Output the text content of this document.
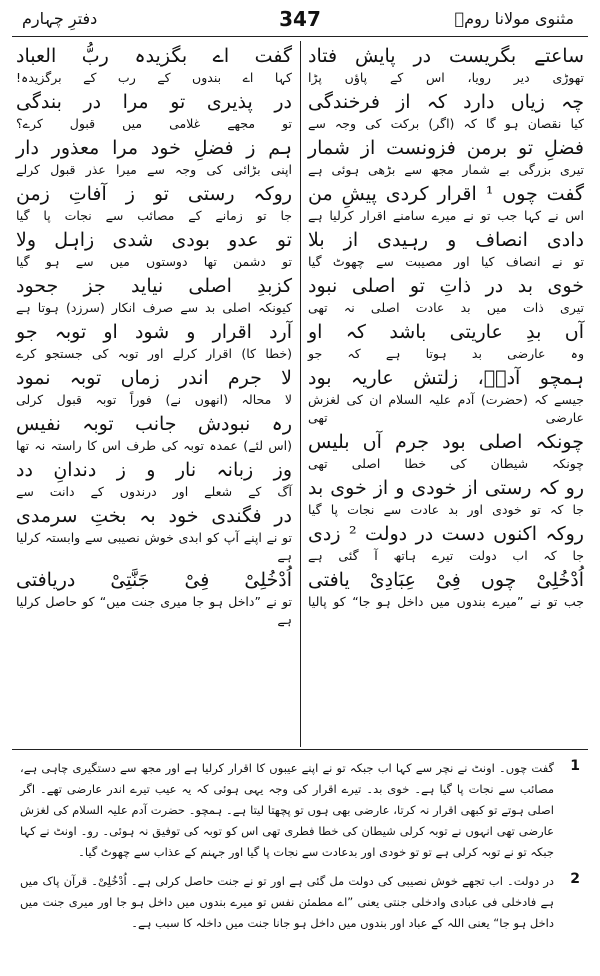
دفترِ چہارم	347	مثنوی مولانا رومؒ
ساعتے بگریست در پایش فتاد
تھوڑی دیر رویا، اس کے پاؤں پڑا
چہ زیاں دارد کہ از فرخندگی
کیا نقصان ہو گا کہ (اگر) برکت کی وجہ سے
فضلِ تو برمن فزونست از شمار
تیری بزرگی بے شمار مجھ سے بڑھی ہوئی ہے
گفت چوں ¹ اقرار کردی پیشِ من
اس نے کہا جب تو نے میرے سامنے اقرار کرلیا ہے
دادی انصاف و رہیدی از بلا
تو نے انصاف کیا اور مصیبت سے چھوٹ گیا
خوی بد در ذاتِ تو اصلی نبود
تیری ذات میں بد عادت اصلی نہ تھی
آں بدِ عاریتی باشد کہ او
وہ عارضی بد ہوتا ہے کہ جو
ہمچو آدمؑ، زلتش عاریہ بود
جیسے کہ (حضرت) آدم علیہ السلام ان کی لغزش عارضی تھی
چونکہ اصلی بود جرم آں بلیس
چونکہ شیطان کی خطا اصلی تھی
رو کہ رستی از خودی و از خوی بد
جا کہ تو خودی اور بد عادت سے نجات پا گیا
روکہ اکنوں دست در دولت ² زدی
جا کہ اب دولت تیرے ہاتھ آ گئی ہے
اُدْخُلِیْ چوں فِیْ عِبَادِیْ یافتی
جب تو نے ”میرے بندوں میں داخل ہو جا“ کو پالیا
گفت اے بگزیدہ ربُّ العباد
کہا اے بندوں کے رب کے برگزیدہ!
در پذیری تو مرا در بندگی
تو مجھے غلامی میں قبول کرے؟
ہم ز فضلِ خود مرا معذور دار
اپنی بڑائی کی وجہ سے میرا عذر قبول کرلے
روکہ رستی تو ز آفاتِ زمن
جا تو زمانے کے مصائب سے نجات پا گیا
تو عدو بودی شدی زاہل ولا
تو دشمن تھا دوستوں میں سے ہو گیا
کزبدِ اصلی نیاید جز جحود
کیونکہ اصلی بد سے صرف انکار (سرزد) ہوتا ہے
آرد اقرار و شود او توبہ جو
(خطا کا) اقرار کرلے اور توبہ کی جستجو کرے
لا جرم اندر زماں توبہ نمود
لا محالہ (انھوں نے) فوراً توبہ قبول کرلی
رہ نبودش جانب توبہ نفیس
(اس لئے) عمدہ توبہ کی طرف اس کا راستہ نہ تھا
وز زبانہ نار و ز دندانِ دد
آگ کے شعلے اور درندوں کے دانت سے
در فگندی خود بہ بختِ سرمدی
تو نے اپنے آپ کو ابدی خوش نصیبی سے وابستہ کرلیا ہے
اُدْخُلِیْ فِیْ جَنَّتِیْ دریافتی
تو نے ”داخل ہو جا میری جنت میں“ کو حاصل کرلیا ہے
1
گفت چوں۔ اونٹ نے نچر سے کہا اب جبکہ تو نے اپنے عیبوں کا اقرار کرلیا ہے اور مجھ سے دستگیری چاہی ہے، مصائب سے نجات پا گیا ہے۔ خوی بد۔ تیرے اقرار کی وجہ یہی ہوئی کہ یہ عیب تیرے اندر عارضی تھے۔ اگر اصلی ہوتے تو کبھی اقرار نہ کرتا، عارضی بھی ہوں تو پچھتا لیتا ہے۔ ہمچو۔ حضرت آدم علیہ السلام کی لغزش عارضی تھی انہوں نے توبہ کرلی شیطان کی خطا فطری تھی اس کو توبہ کی توفیق نہ ہوئی۔ رو۔ اونٹ نے کہا جبکہ تو نے توبہ کرلی ہے تو تو خودی اور بدعادت سے نجات پا گیا اور جہنم کے عذاب سے چھوٹ گیا۔
2
در دولت۔ اب تجھے خوش نصیبی کی دولت مل گئی ہے اور تو نے جنت حاصل کرلی ہے۔ اُدْخُلِیْ۔ قرآن پاک میں ہے فادخلی فی عبادی وادخلی جنتی یعنی ”اے مطمئن نفس تو میرے بندوں میں داخل ہو جا اور میری جنت میں داخل ہو جا“ یعنی اللہ کے عباد اور بندوں میں داخل ہو جانا جنت میں داخلہ کا سبب ہے۔
